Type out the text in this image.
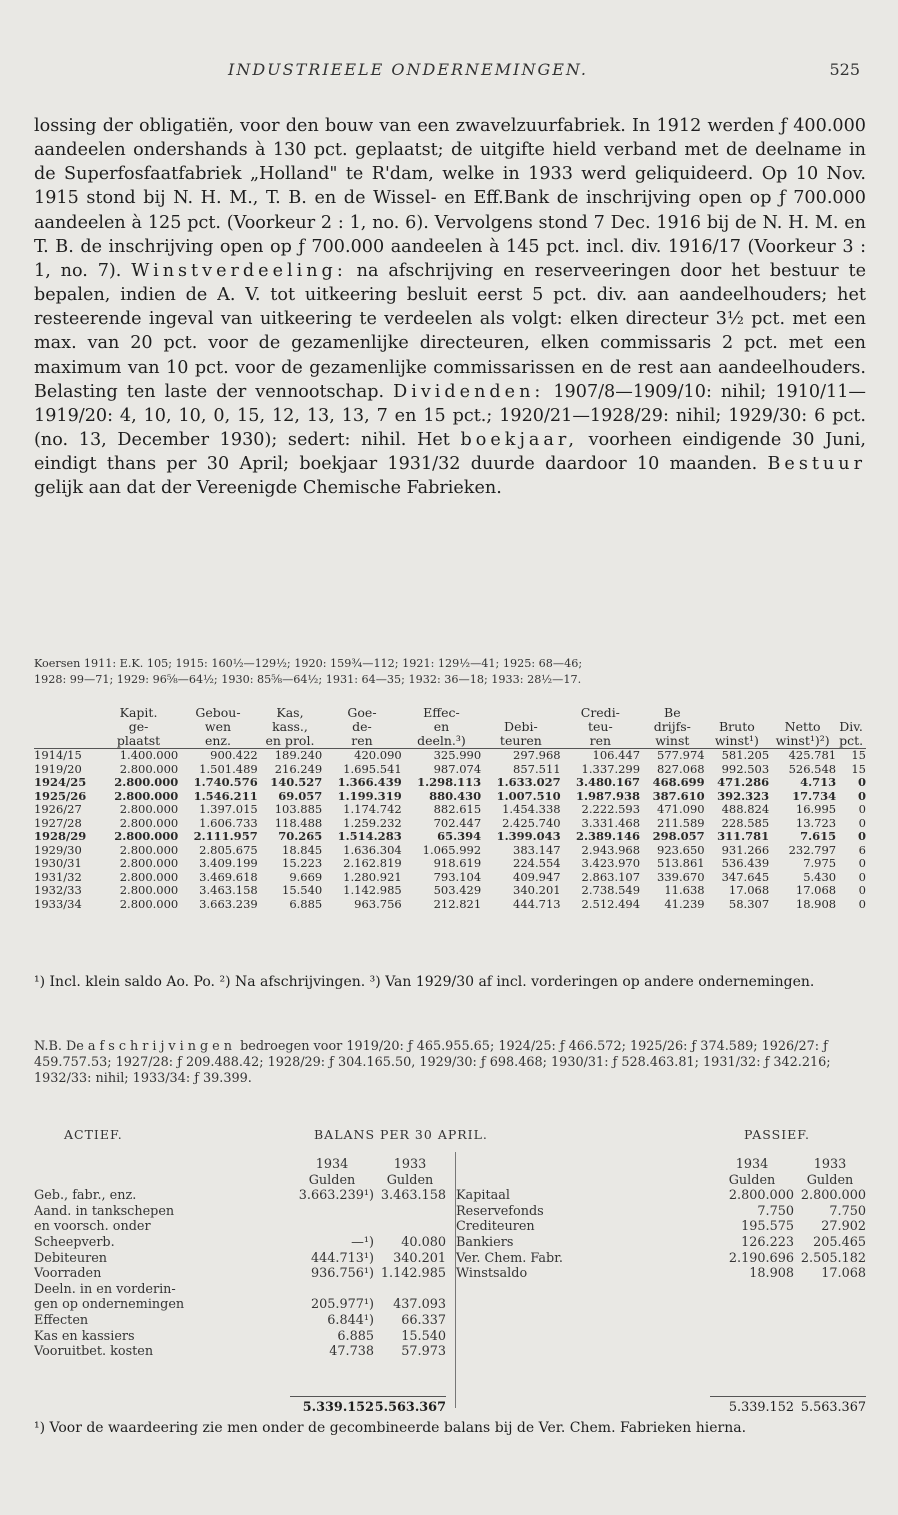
INDUSTRIEELE ONDERNEMINGEN.	525

lossing der obligatiën, voor den bouw van een zwavelzuurfabriek. In 1912 werden ƒ 400.000 aandeelen ondershands à 130 pct. geplaatst; de uitgifte hield verband met de deelname in de Superfosfaatfabriek „Holland" te R'dam, welke in 1933 werd geliquideerd. Op 10 Nov. 1915 stond bij N. H. M., T. B. en de Wissel- en Eff.Bank de inschrijving open op ƒ 700.000 aandeelen à 125 pct. (Voorkeur 2 : 1, no. 6). Vervolgens stond 7 Dec. 1916 bij de N. H. M. en T. B. de inschrijving open op ƒ 700.000 aandeelen à 145 pct. incl. div. 1916/17 (Voorkeur 3 : 1, no. 7). Winstverdeeling: na afschrijving en reserveeringen door het bestuur te bepalen, indien de A. V. tot uitkeering besluit eerst 5 pct. div. aan aandeelhouders; het resteerende ingeval van uitkeering te verdeelen als volgt: elken directeur 3½ pct. met een max. van 20 pct. voor de gezamenlijke directeuren, elken commissaris 2 pct. met een maximum van 10 pct. voor de gezamenlijke commissarissen en de rest aan aandeelhouders. Belasting ten laste der vennootschap. Dividenden: 1907/8—1909/10: nihil; 1910/11—1919/20: 4, 10, 10, 0, 15, 12, 13, 13, 7 en 15 pct.; 1920/21—1928/29: nihil; 1929/30: 6 pct. (no. 13, December 1930); sedert: nihil. Het boekjaar, voorheen eindigende 30 Juni, eindigt thans per 30 April; boekjaar 1931/32 duurde daardoor 10 maanden. Bestuur gelijk aan dat der Vereenigde Chemische Fabrieken.

Koersen 1911: E.K. 105; 1915: 160½—129½; 1920: 159¾—112; 1921: 129½—41; 1925: 68—46;
1928: 99—71; 1929: 96⅝—64½; 1930: 85⅝—64½; 1931: 64—35; 1932: 36—18; 1933: 28½—17.
	Kapit.	Gebou-	Kas,	Goe-	Effec-		Credi-	Be			
	ge-	wen	kass.,	de-	en	Debi-	teu-	drijfs-	Bruto	Netto	Div.
	plaatst	enz.	en prol.	ren	deeln.³)	teuren	ren	winst	winst¹)	winst¹)²)	pct.
1914/15	1.400.000	900.422	189.240	420.090	325.990	297.968	106.447	577.974	581.205	425.781	15
1919/20	2.800.000	1.501.489	216.249	1.695.541	987.074	857.511	1.337.299	827.068	992.503	526.548	15
1924/25	2.800.000	1.740.576	140.527	1.366.439	1.298.113	1.633.027	3.480.167	468.699	471.286	4.713	0
1925/26	2.800.000	1.546.211	69.057	1.199.319	880.430	1.007.510	1.987.938	387.610	392.323	17.734	0
1926/27	2.800.000	1.397.015	103.885	1.174.742	882.615	1.454.338	2.222.593	471.090	488.824	16.995	0
1927/28	2.800.000	1.606.733	118.488	1.259.232	702.447	2.425.740	3.331.468	211.589	228.585	13.723	0
1928/29	2.800.000	2.111.957	70.265	1.514.283	65.394	1.399.043	2.389.146	298.057	311.781	7.615	0
1929/30	2.800.000	2.805.675	18.845	1.636.304	1.065.992	383.147	2.943.968	923.650	931.266	232.797	6
1930/31	2.800.000	3.409.199	15.223	2.162.819	918.619	224.554	3.423.970	513.861	536.439	7.975	0
1931/32	2.800.000	3.469.618	9.669	1.280.921	793.104	409.947	2.863.107	339.670	347.645	5.430	0
1932/33	2.800.000	3.463.158	15.540	1.142.985	503.429	340.201	2.738.549	11.638	17.068	17.068	0
1933/34	2.800.000	3.663.239	6.885	963.756	212.821	444.713	2.512.494	41.239	58.307	18.908	0
¹) Incl. klein saldo Ao. Po. ²) Na afschrijvingen. ³) Van 1929/30 af incl. vorderingen op andere ondernemingen.
N.B. De afschrijvingen bedroegen voor 1919/20: ƒ 465.955.65; 1924/25: ƒ 466.572; 1925/26: ƒ 374.589; 1926/27: ƒ 459.757.53; 1927/28: ƒ 209.488.42; 1928/29: ƒ 304.165.50, 1929/30: ƒ 698.468; 1930/31: ƒ 528.463.81; 1931/32: ƒ 342.216; 1932/33: nihil; 1933/34: ƒ 39.399.
ACTIEF.	BALANS PER 30 APRIL.	PASSIEF.
1934	1933
Gulden	Gulden
Geb., fabr., enz.	3.663.239¹) 3.463.158
Aand. in tankschepen
en voorsch. onder
Scheepverb.	—¹)	40.080
Debiteuren	444.713¹)	340.201
Voorraden	936.756¹) 1.142.985
Deeln. in en vorderin-
gen op ondernemingen	205.977¹)	437.093
Effecten	6.844¹)	66.337
Kas en kassiers	6.885	15.540
Vooruitbet. kosten	47.738	57.973
1934	1933
Gulden	Gulden
Kapitaal	2.800.000 2.800.000
Reservefonds	7.750	7.750
Crediteuren	195.575	27.902
Bankiers	126.223	205.465
Ver. Chem. Fabr.	2.190.696 2.505.182
Winstsaldo	18.908	17.068
5.339.152 5.563.367	5.339.152 5.563.367
¹) Voor de waardeering zie men onder de gecombineerde balans bij de Ver. Chem. Fabrieken hierna.
